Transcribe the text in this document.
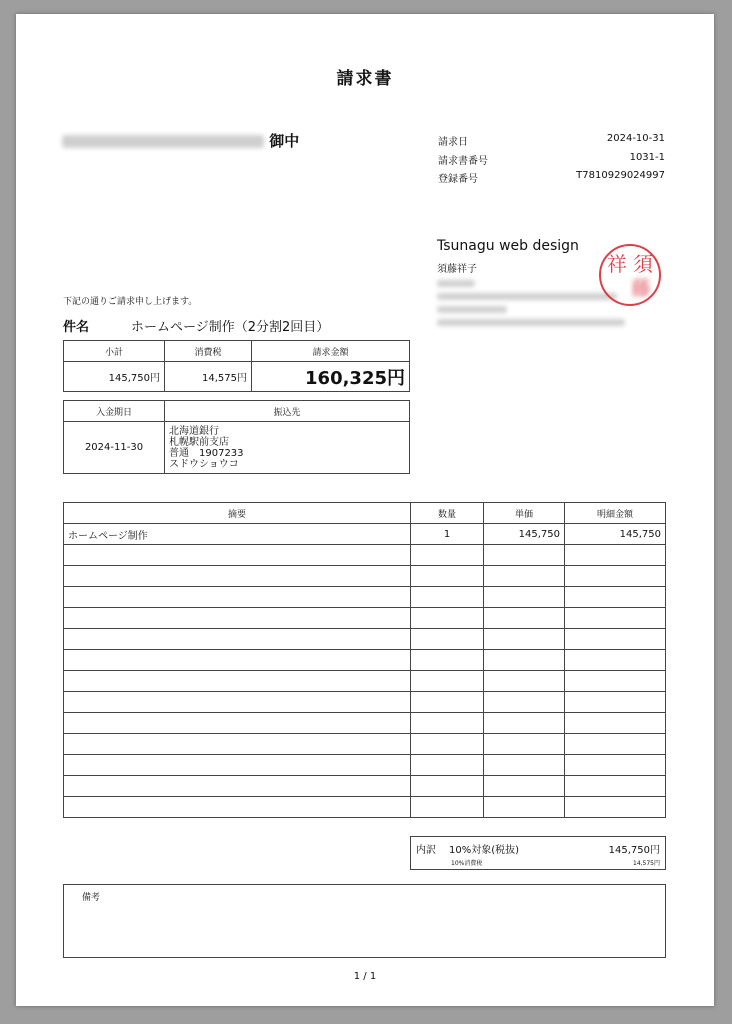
請求書
御中	請求日	2024-10-31
請求書番号	1031-1
登録番号	T7810929024997
Tsunagu web design
須藤祥子	祥 須
藤
下記の通りご請求申し上げます。
件名	ホームページ制作（2分割2回目）
小計	消費税	請求金額
145,750円	14,575円	160,325円
入金期日	振込先
2024-11-30	北海道銀行
札幌駅前支店
普通　1907233
スドウショウコ
摘要	数量	単価	明細金額
ホームページ制作	1	145,750	145,750

内訳 10%対象(税抜)	145,750円
10%消費税	14,575円
備考
1 / 1
